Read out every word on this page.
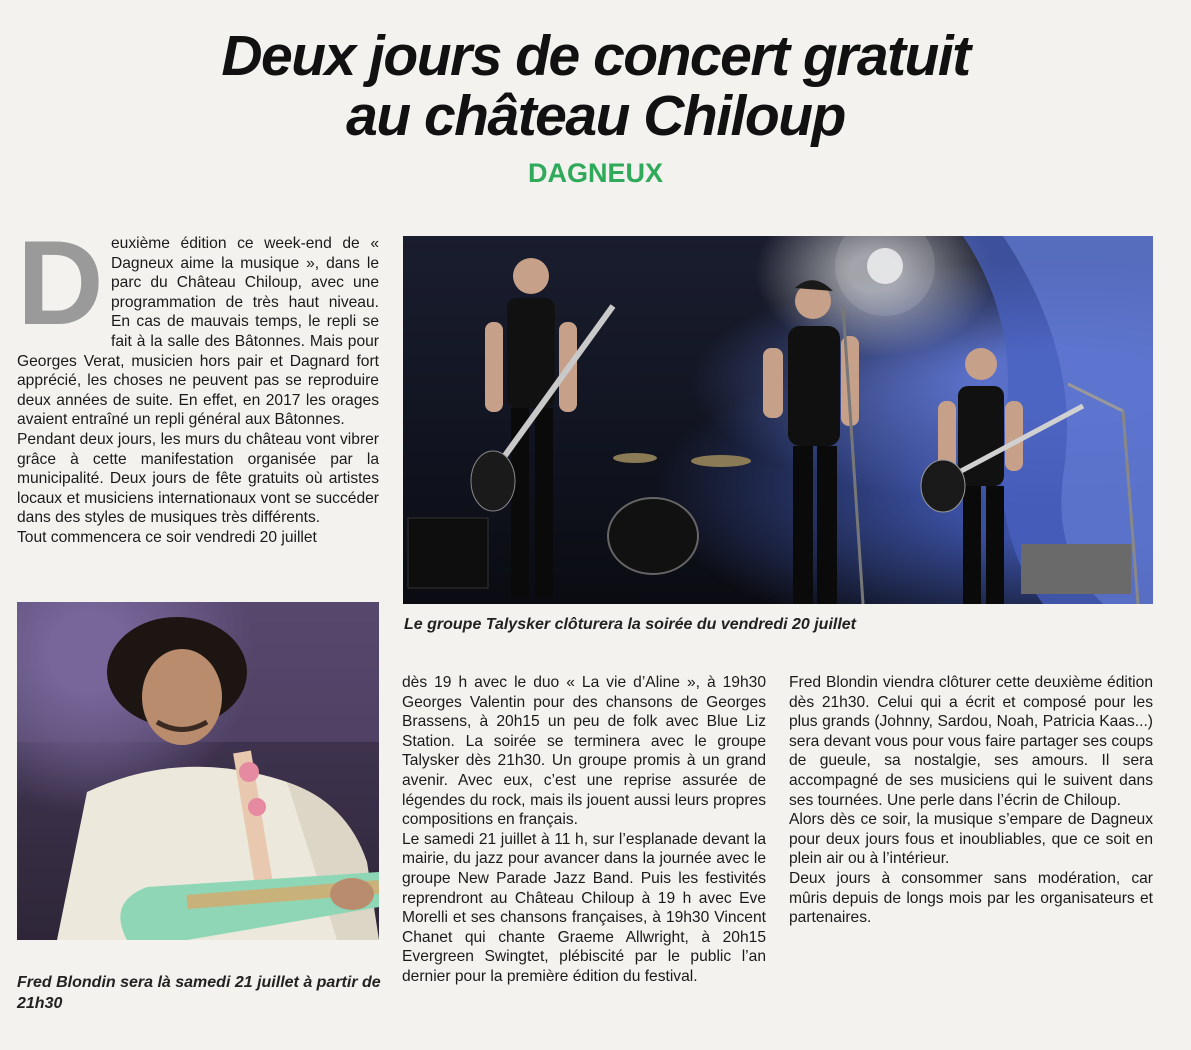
Deux jours de concert gratuit
au château Chiloup
DAGNEUX
D euxième édition ce week-end de « Dagneux aime la musique », dans le parc du Château Chiloup, avec une programmation de très haut niveau. En cas de mauvais temps, le repli se fait à la salle des Bâtonnes. Mais pour Georges Verat, musicien hors pair et Dagnard fort apprécié, les choses ne peuvent pas se reproduire deux années de suite. En effet, en 2017 les orages avaient entraîné un repli général aux Bâtonnes.

Pendant deux jours, les murs du château vont vibrer grâce à cette manifestation organisée par la municipalité. Deux jours de fête gratuits où artistes locaux et musiciens internationaux vont se succéder dans des styles de musiques très différents.

Tout commencera ce soir vendredi 20 juillet

Le groupe Talysker clôturera la soirée du vendredi 20 juillet
Fred Blondin sera là samedi 21 juillet à partir de 21h30

dès 19 h avec le duo « La vie d’Aline », à 19h30 Georges Valentin pour des chansons de Georges Brassens, à 20h15 un peu de folk avec Blue Liz Station. La soirée se terminera avec le groupe Talysker dès 21h30. Un groupe promis à un grand avenir. Avec eux, c’est une reprise assurée de légendes du rock, mais ils jouent aussi leurs propres compositions en français.

Le samedi 21 juillet à 11 h, sur l’esplanade devant la mairie, du jazz pour avancer dans la journée avec le groupe New Parade Jazz Band. Puis les festivités reprendront au Château Chiloup à 19 h avec Eve Morelli et ses chansons françaises, à 19h30 Vincent Chanet qui chante Graeme Allwright, à 20h15 Evergreen Swingtet, plébiscité par le public l’an dernier pour la première édition du festival.

Fred Blondin viendra clôturer cette deuxième édition dès 21h30. Celui qui a écrit et composé pour les plus grands (Johnny, Sardou, Noah, Patricia Kaas...) sera devant vous pour vous faire partager ses coups de gueule, sa nostalgie, ses amours. Il sera accompagné de ses musiciens qui le suivent dans ses tournées. Une perle dans l’écrin de Chiloup.

Alors dès ce soir, la musique s’empare de Dagneux pour deux jours fous et inoubliables, que ce soit en plein air ou à l’intérieur.

Deux jours à consommer sans modération, car mûris depuis de longs mois par les organisateurs et partenaires.
